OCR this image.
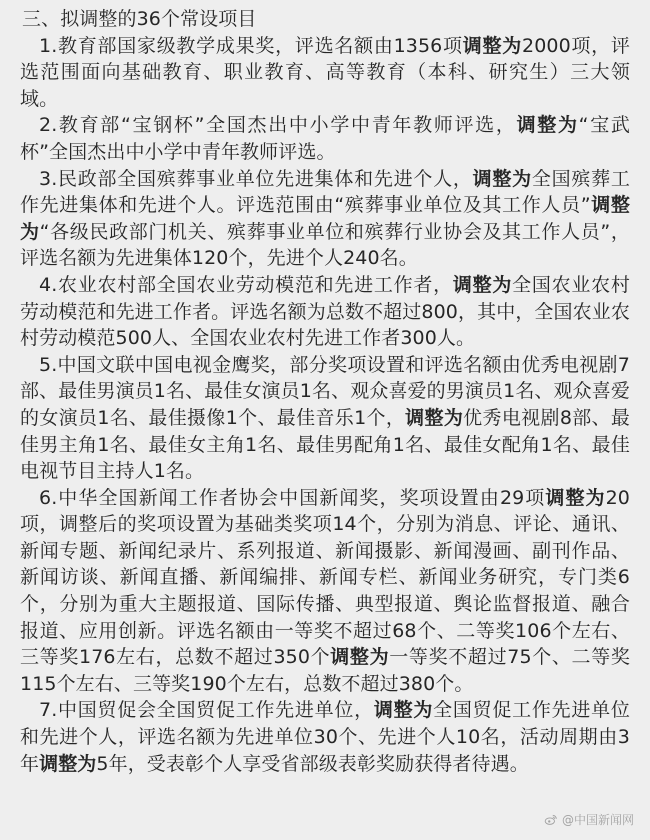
三、拟调整的36个常设项目

1.教育部国家级教学成果奖，评选名额由1356项调整为2000项，评选范围面向基础教育、职业教育、高等教育（本科、研究生）三大领域。

2.教育部“宝钢杯”全国杰出中小学中青年教师评选，调整为“宝武杯”全国杰出中小学中青年教师评选。

3.民政部全国殡葬事业单位先进集体和先进个人，调整为全国殡葬工作先进集体和先进个人。评选范围由“殡葬事业单位及其工作人员”调整为“各级民政部门机关、殡葬事业单位和殡葬行业协会及其工作人员”，评选名额为先进集体120个，先进个人240名。

4.农业农村部全国农业劳动模范和先进工作者，调整为全国农业农村劳动模范和先进工作者。评选名额为总数不超过800，其中，全国农业农村劳动模范500人、全国农业农村先进工作者300人。

5.中国文联中国电视金鹰奖，部分奖项设置和评选名额由优秀电视剧7部、最佳男演员1名、最佳女演员1名、观众喜爱的男演员1名、观众喜爱的女演员1名、最佳摄像1个、最佳音乐1个，调整为优秀电视剧8部、最佳男主角1名、最佳女主角1名、最佳男配角1名、最佳女配角1名、最佳电视节目主持人1名。

6.中华全国新闻工作者协会中国新闻奖，奖项设置由29项调整为20项，调整后的奖项设置为基础类奖项14个，分别为消息、评论、通讯、新闻专题、新闻纪录片、系列报道、新闻摄影、新闻漫画、副刊作品、新闻访谈、新闻直播、新闻编排、新闻专栏、新闻业务研究，专门类6个，分别为重大主题报道、国际传播、典型报道、舆论监督报道、融合报道、应用创新。评选名额由一等奖不超过68个、二等奖106个左右、三等奖176左右，总数不超过350个调整为一等奖不超过75个、二等奖115个左右、三等奖190个左右，总数不超过380个。

7.中国贸促会全国贸促工作先进单位，调整为全国贸促工作先进单位和先进个人，评选名额为先进单位30个、先进个人10名，活动周期由3年调整为5年，受表彰个人享受省部级表彰奖励获得者待遇。

@中国新闻网
